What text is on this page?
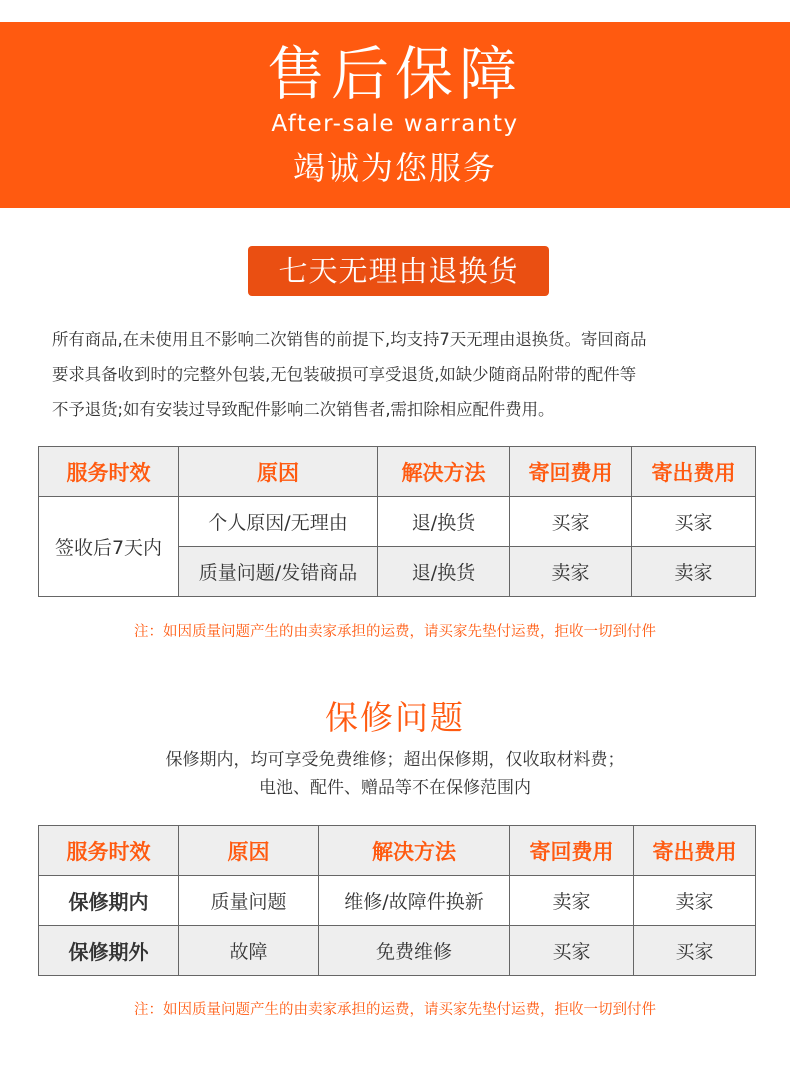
售后保障
After-sale warranty
竭诚为您服务
七天无理由退换货
所有商品,在未使用且不影响二次销售的前提下,均支持7天无理由退换货。寄回商品
要求具备收到时的完整外包装,无包装破损可享受退货,如缺少随商品附带的配件等
不予退货;如有安装过导致配件影响二次销售者,需扣除相应配件费用。
服务时效	原因	解决方法	寄回费用	寄出费用
签收后7天内	个人原因/无理由	退/换货	买家	买家
	质量问题/发错商品	退/换货	卖家	卖家
注：如因质量问题产生的由卖家承担的运费，请买家先垫付运费，拒收一切到付件
保修问题
保修期内，均可享受免费维修；超出保修期，仅收取材料费；
电池、配件、赠品等不在保修范围内
服务时效	原因	解决方法	寄回费用	寄出费用
保修期内	质量问题	维修/故障件换新	卖家	卖家
保修期外	故障	免费维修	买家	买家
注：如因质量问题产生的由卖家承担的运费，请买家先垫付运费，拒收一切到付件
